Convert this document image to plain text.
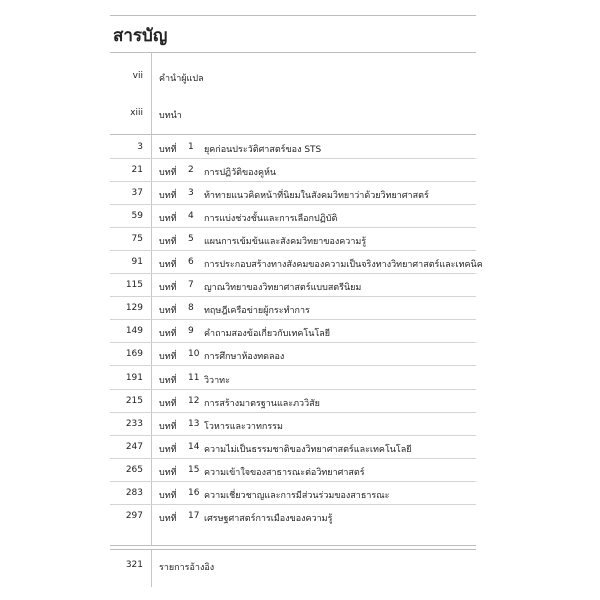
สารบัญ
vii คำนำผู้แปล
xiii บทนำ
3 บทที่ 1 ยุคก่อนประวัติศาสตร์ของ STS
21 บทที่ 2 การปฏิวัติของคูห์น
37 บทที่ 3 ท้าทายแนวคิดหน้าที่นิยมในสังคมวิทยาว่าด้วยวิทยาศาสตร์
59 บทที่ 4 การแบ่งช่วงชั้นและการเลือกปฏิบัติ
75 บทที่ 5 แผนการเข้มข้นและสังคมวิทยาของความรู้
91 บทที่ 6 การประกอบสร้างทางสังคมของความเป็นจริงทางวิทยาศาสตร์และเทคนิค
115 บทที่ 7 ญาณวิทยาของวิทยาศาสตร์แบบสตรีนิยม
129 บทที่ 8 ทฤษฎีเครือข่ายผู้กระทำการ
149 บทที่ 9 คำถามสองข้อเกี่ยวกับเทคโนโลยี
169 บทที่ 10 การศึกษาห้องทดลอง
191 บทที่ 11 วิวาทะ
215 บทที่ 12 การสร้างมาตรฐานและภววิสัย
233 บทที่ 13 โวหารและวาทกรรม
247 บทที่ 14 ความไม่เป็นธรรมชาติของวิทยาศาสตร์และเทคโนโลยี
265 บทที่ 15 ความเข้าใจของสาธารณะต่อวิทยาศาสตร์
283 บทที่ 16 ความเชี่ยวชาญและการมีส่วนร่วมของสาธารณะ
297 บทที่ 17 เศรษฐศาสตร์การเมืองของความรู้
321 รายการอ้างอิง
